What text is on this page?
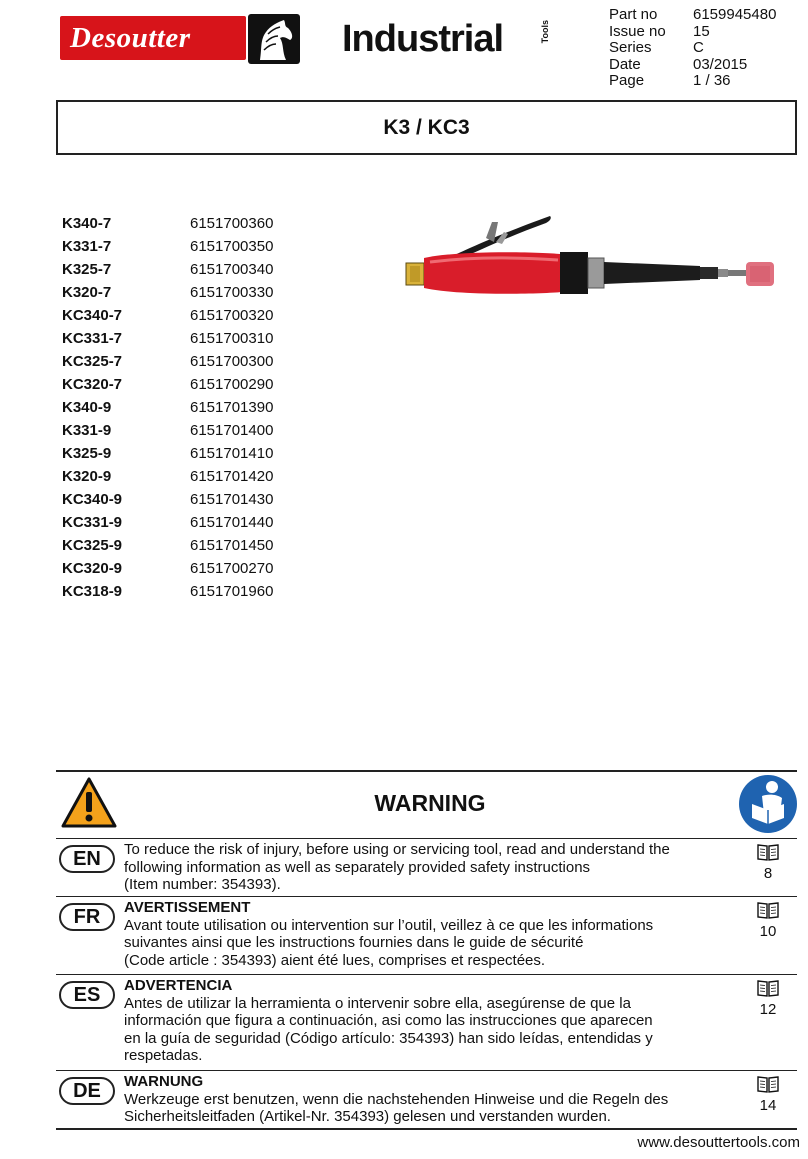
Desoutter	Industrial	Tools
Part no	6159945480
Issue no	15
Series	C
Date	03/2015
Page	1 / 36
K3 / KC3
K340-7	6151700360
K331-7	6151700350
K325-7	6151700340
K320-7	6151700330
KC340-7	6151700320
KC331-7	6151700310
KC325-7	6151700300
KC320-7	6151700290
K340-9	6151701390
K331-9	6151701400
K325-9	6151701410
K320-9	6151701420
KC340-9	6151701430
KC331-9	6151701440
KC325-9	6151701450
KC320-9	6151700270
KC318-9	6151701960
WARNING
EN	To reduce the risk of injury, before using or servicing tool, read and understand the
following information as well as separately provided safety instructions
(Item number: 354393).
8
FR	AVERTISSEMENT
Avant toute utilisation ou intervention sur l’outil, veillez à ce que les informations
suivantes ainsi que les instructions fournies dans le guide de sécurité
(Code article : 354393) aient été lues, comprises et respectées.
10
ES	ADVERTENCIA
Antes de utilizar la herramienta o intervenir sobre ella, asegúrense de que la
información que figura a continuación, asi como las instrucciones que aparecen
en la guía de seguridad (Código artículo: 354393) han sido leídas, entendidas y
respetadas.
12
DE	WARNUNG
Werkzeuge erst benutzen, wenn die nachstehenden Hinweise und die Regeln des
Sicherheitsleitfaden (Artikel-Nr. 354393) gelesen und verstanden wurden.
14
www.desouttertools.com
